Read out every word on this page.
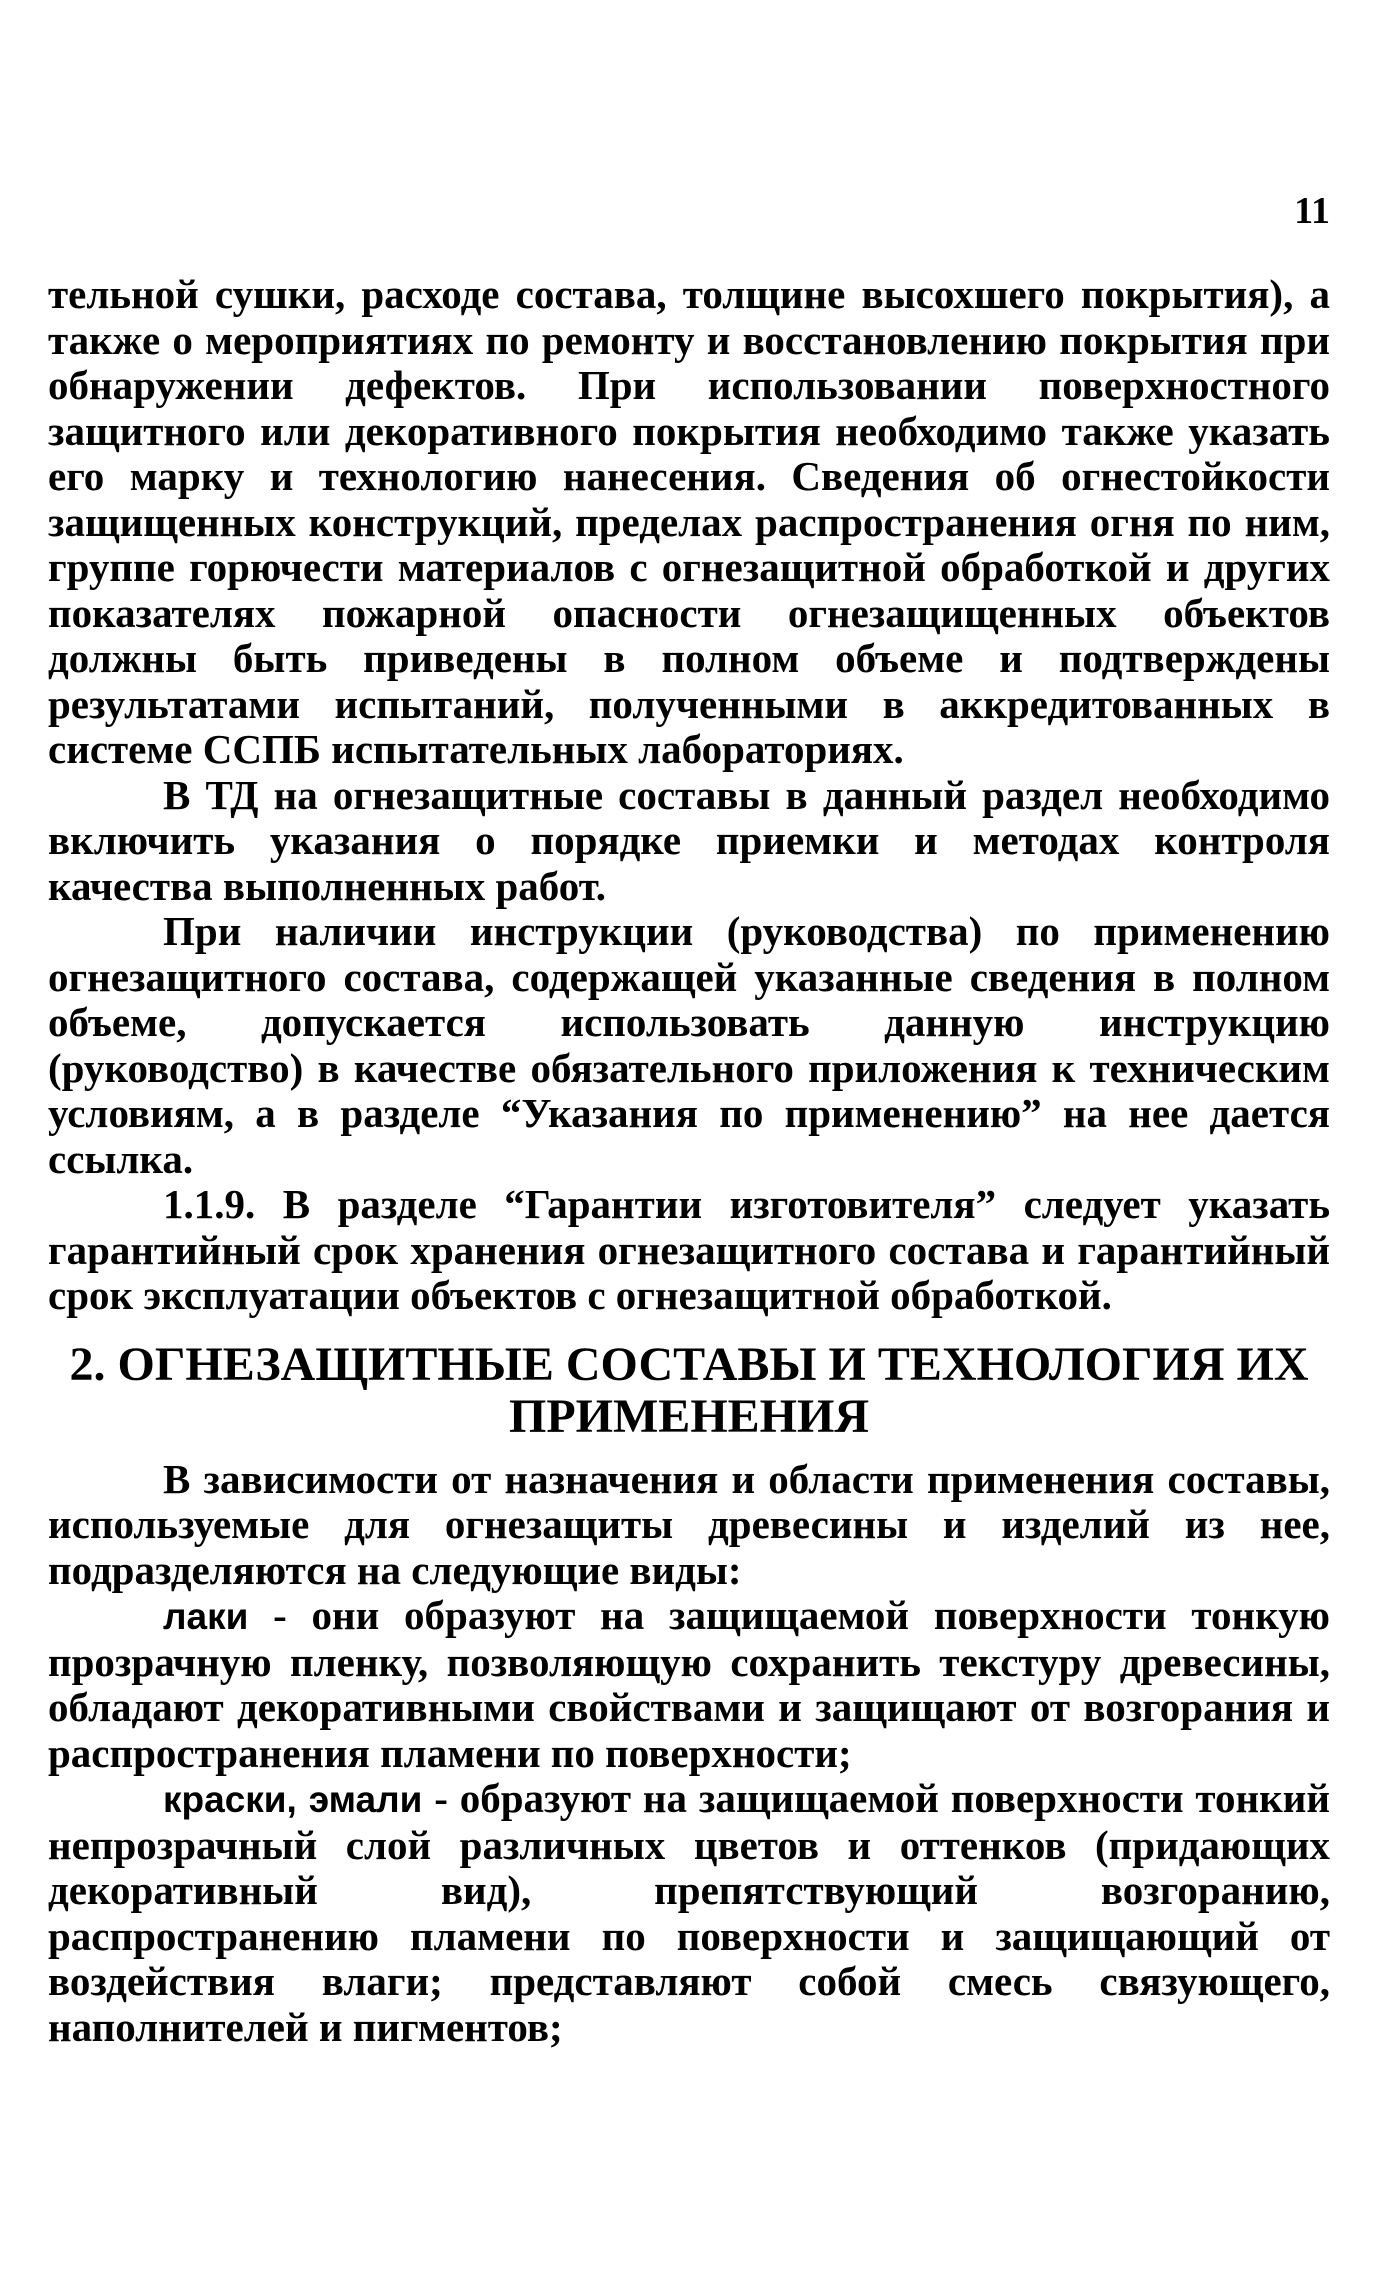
11

тельной сушки, расходе состава, толщине высохшего покрытия), а также о мероприятиях по ремонту и восстановлению покрытия при обнаружении дефектов. При использовании поверхностного защитного или декоративного покрытия необходимо также указать его марку и технологию нанесения. Сведения об огнестойкости защищенных конструкций, пределах распространения огня по ним, группе горючести материалов с огнезащитной обработкой и других показателях пожарной опасности огнезащищенных объектов должны быть приведены в полном объеме и подтверждены результатами испытаний, полученными в аккредитованных в системе ССПБ испытательных лабораториях.

В ТД на огнезащитные составы в данный раздел необходимо включить указания о порядке приемки и методах контроля качества выполненных работ.

При наличии инструкции (руководства) по применению огнезащитного состава, содержащей указанные сведения в полном объеме, допускается использовать данную инструкцию (руководство) в качестве обязательного приложения к техническим условиям, а в разделе “Указания по применению” на нее дается ссылка.

1.1.9. В разделе “Гарантии изготовителя” следует указать гарантийный срок хранения огнезащитного состава и гарантийный срок эксплуатации объектов с огнезащитной обработкой.

2. ОГНЕЗАЩИТНЫЕ СОСТАВЫ И ТЕХНОЛОГИЯ ИХ ПРИМЕНЕНИЯ

В зависимости от назначения и области применения составы, используемые для огнезащиты древесины и изделий из нее, подразделяются на следующие виды:

лаки - они образуют на защищаемой поверхности тонкую прозрачную пленку, позволяющую сохранить текстуру древесины, обладают декоративными свойствами и защищают от возгорания и распространения пламени по поверхности;

краски, эмали - образуют на защищаемой поверхности тонкий непрозрачный слой различных цветов и оттенков (придающих декоративный вид), препятствующий возгоранию, распространению пламени по поверхности и защищающий от воздействия влаги; представляют собой смесь связующего, наполнителей и пигментов;
